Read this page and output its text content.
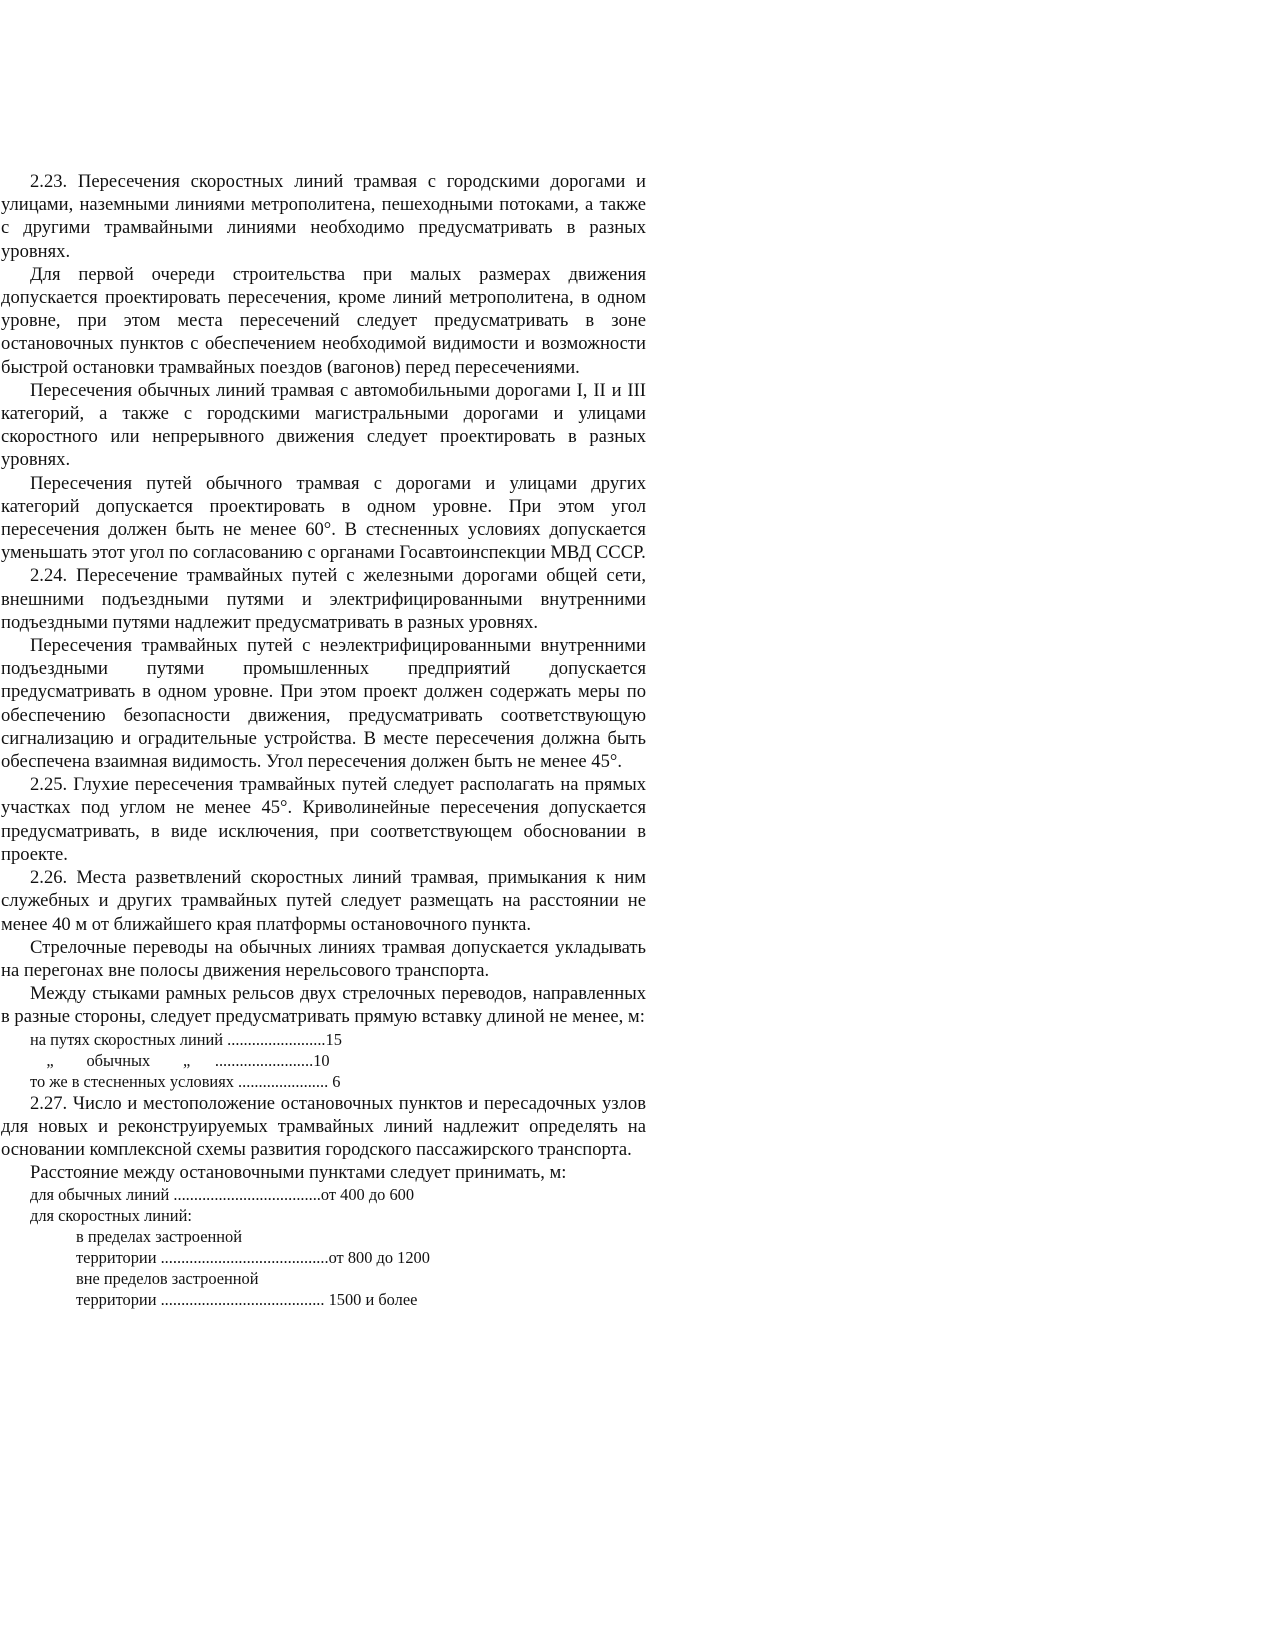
2.23. Пересечения скоростных линий трамвая с городскими дорогами и улицами, наземными линиями метрополитена, пешеходными потоками, а также с другими трамвайными линиями необходимо предусматривать в разных уровнях.

Для первой очереди строительства при малых размерах движения допускается проектировать пересечения, кроме линий метрополитена, в одном уровне, при этом места пересечений следует предусматривать в зоне остановочных пунктов с обеспечением необходимой видимости и возможности быстрой остановки трамвайных поездов (вагонов) перед пересечениями.

Пересечения обычных линий трамвая с автомобильными дорогами I, II и III категорий, а также с городскими магистральными дорогами и улицами скоростного или непрерывного движения следует проектировать в разных уровнях.

Пересечения путей обычного трамвая с дорогами и улицами других категорий допускается проектировать в одном уровне. При этом угол пересечения должен быть не менее 60°. В стесненных условиях допускается уменьшать этот угол по согласованию с органами Госавтоинспекции МВД СССР.

2.24. Пересечение трамвайных путей с железными дорогами общей сети, внешними подъездными путями и электрифицированными внутренними подъездными путями надлежит предусматривать в разных уровнях.

Пересечения трамвайных путей с неэлектрифицированными внутренними подъездными путями промышленных предприятий допускается предусматривать в одном уровне. При этом проект должен содержать меры по обеспечению безопасности движения, предусматривать соответствующую сигнализацию и оградительные устройства. В месте пересечения должна быть обеспечена взаимная видимость. Угол пересечения должен быть не менее 45°.

2.25. Глухие пересечения трамвайных путей следует располагать на прямых участках под углом не менее 45°. Криволинейные пересечения допускается предусматривать, в виде исключения, при соответствующем обосновании в проекте.

2.26. Места разветвлений скоростных линий трамвая, примыкания к ним служебных и других трамвайных путей следует размещать на расстоянии не менее 40 м от ближайшего края платформы остановочного пункта.

Стрелочные переводы на обычных линиях трамвая допускается укладывать на перегонах вне полосы движения нерельсового транспорта.

Между стыками рамных рельсов двух стрелочных переводов, направленных в разные стороны, следует предусматривать прямую вставку длиной не менее, м:

на путях скоростных линий ........................15
„        обычных        „      ........................10
то же в стесненных условиях ...................... 6

2.27. Число и местоположение остановочных пунктов и пересадочных узлов для новых и реконструируемых трамвайных линий надлежит определять на основании комплексной схемы развития городского пассажирского транспорта.

Расстояние между остановочными пунктами следует принимать, м:

для обычных линий ....................................от 400 до 600
для скоростных линий:
в пределах застроенной
территории .........................................от 800 до 1200
вне пределов застроенной
территории ........................................ 1500 и более
